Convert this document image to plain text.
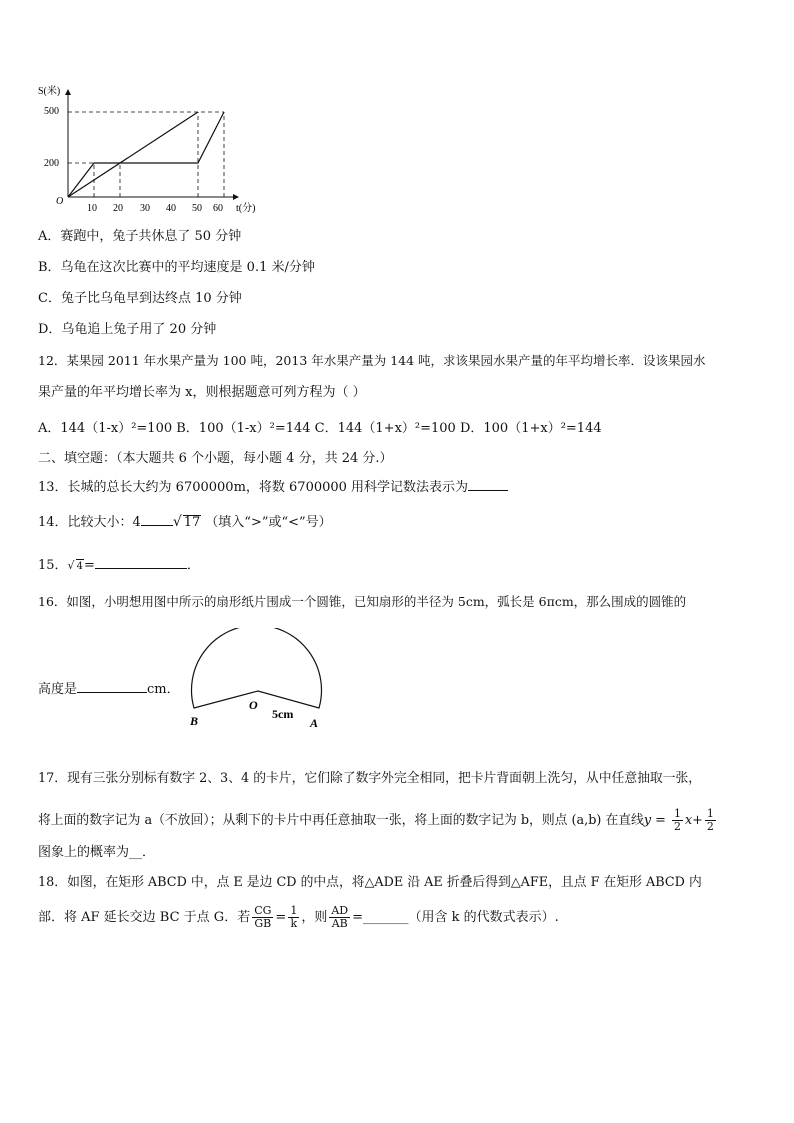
S(米)
t(分)
O
500
200
10 20 30 40 50 60
A．赛跑中，兔子共休息了 50 分钟
B．乌龟在这次比赛中的平均速度是 0.1 米/分钟
C．兔子比乌龟早到达终点 10 分钟
D．乌龟追上兔子用了 20 分钟
12．某果园 2011 年水果产量为 100 吨，2013 年水果产量为 144 吨，求该果园水果产量的年平均增长率．设该果园水
果产量的年平均增长率为 x，则根据题意可列方程为（ ）
A．144（1-x）²=100 B．100（1-x）²=144 C．144（1+x）²=100 D．100（1+x）²=144
二、填空题：（本大题共 6 个小题，每小题 4 分，共 24 分.）
13．长城的总长大约为 6700000m，将数 6700000 用科学记数法表示为
14．比较大小：4 √ 17 （填入“>”或“<”号）
15．√ 4=	．
16．如图，小明想用图中所示的扇形纸片围成一个圆锥，已知扇形的半径为 5cm，弧长是 6πcm，那么围成的圆锥的
高度是	cm．
B
O
A
5cm
17．现有三张分别标有数字 2、3、4 的卡片，它们除了数字外完全相同，把卡片背面朝上洗匀，从中任意抽取一张，
将上面的数字记为 a（不放回）；从剩下的卡片中再任意抽取一张，将上面的数字记为 b，则点 (a,b) 在直线$y = \frac{1}{2} x+ \frac{1}{2}$
图象上的概率为__．
18．如图，在矩形 ABCD 中，点 E 是边 CD 的中点，将△ADE 沿 AE 折叠后得到△AFE，且点 F 在矩形 ABCD 内
部．将 AF 延长交边 BC 于点 G．若 $\frac{CG}{GB} = \frac{1}{k}$ ，则 $\frac{AD}{AB}$ =_______（用含 k 的代数式表示）.
